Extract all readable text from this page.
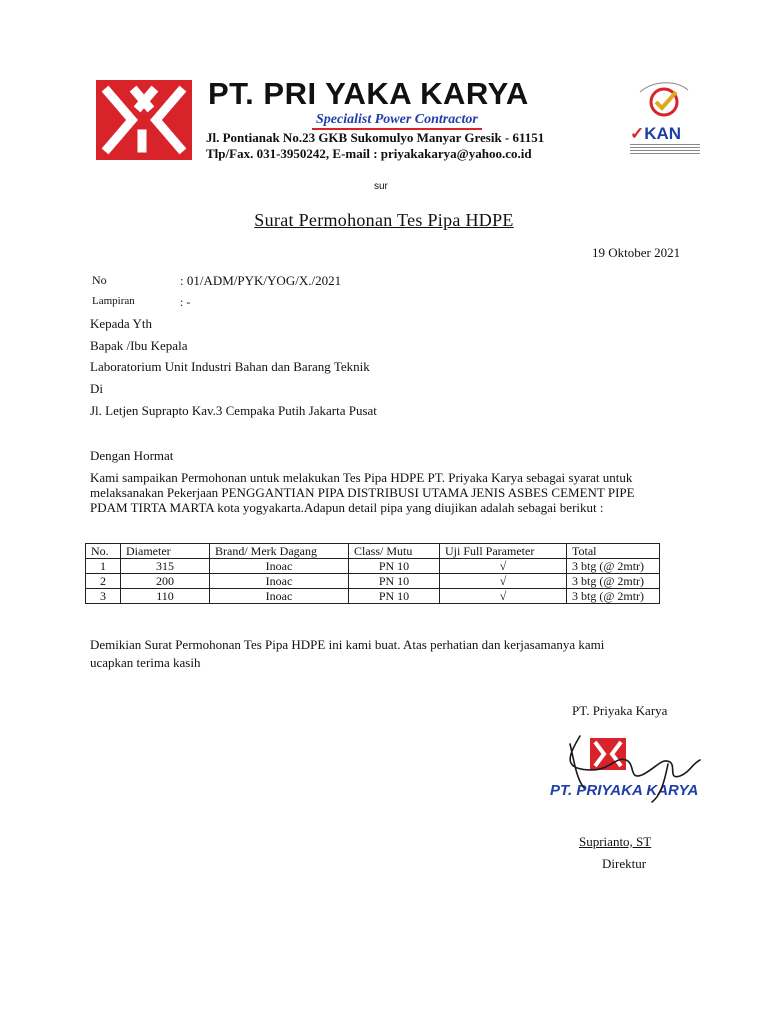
PT. PRI YAKA KARYA
Specialist Power Contractor
Jl. Pontianak No.23 GKB Sukomulyo Manyar Gresik - 61151
Tlp/Fax. 031-3950242, E-mail : priyakakarya@yahoo.co.id
✓KAN
sur
Surat Permohonan Tes Pipa HDPE
19 Oktober 2021
No	: 01/ADM/PYK/YOG/X./2021
Lampiran	: -
Kepada Yth
Bapak /Ibu Kepala
Laboratorium Unit Industri Bahan dan Barang Teknik
Di
Jl. Letjen Suprapto Kav.3 Cempaka Putih Jakarta Pusat
Dengan Hormat
Kami sampaikan Permohonan untuk melakukan Tes Pipa HDPE PT. Priyaka Karya sebagai syarat untuk
melaksanakan Pekerjaan PENGGANTIAN PIPA DISTRIBUSI UTAMA JENIS ASBES CEMENT PIPE
PDAM TIRTA MARTA kota yogyakarta.Adapun detail pipa yang diujikan adalah sebagai berikut :
No.	Diameter	Brand/ Merk Dagang	Class/ Mutu	Uji Full Parameter	Total
1	315	Inoac	PN 10	√	3 btg (@ 2mtr)
2	200	Inoac	PN 10	√	3 btg (@ 2mtr)
3	110	Inoac	PN 10	√	3 btg (@ 2mtr)
Demikian Surat Permohonan Tes Pipa HDPE ini kami buat. Atas perhatian dan kerjasamanya kami
ucapkan terima kasih
PT. Priyaka Karya
PT. PRIYAKA KARYA
Suprianto, ST
Direktur
